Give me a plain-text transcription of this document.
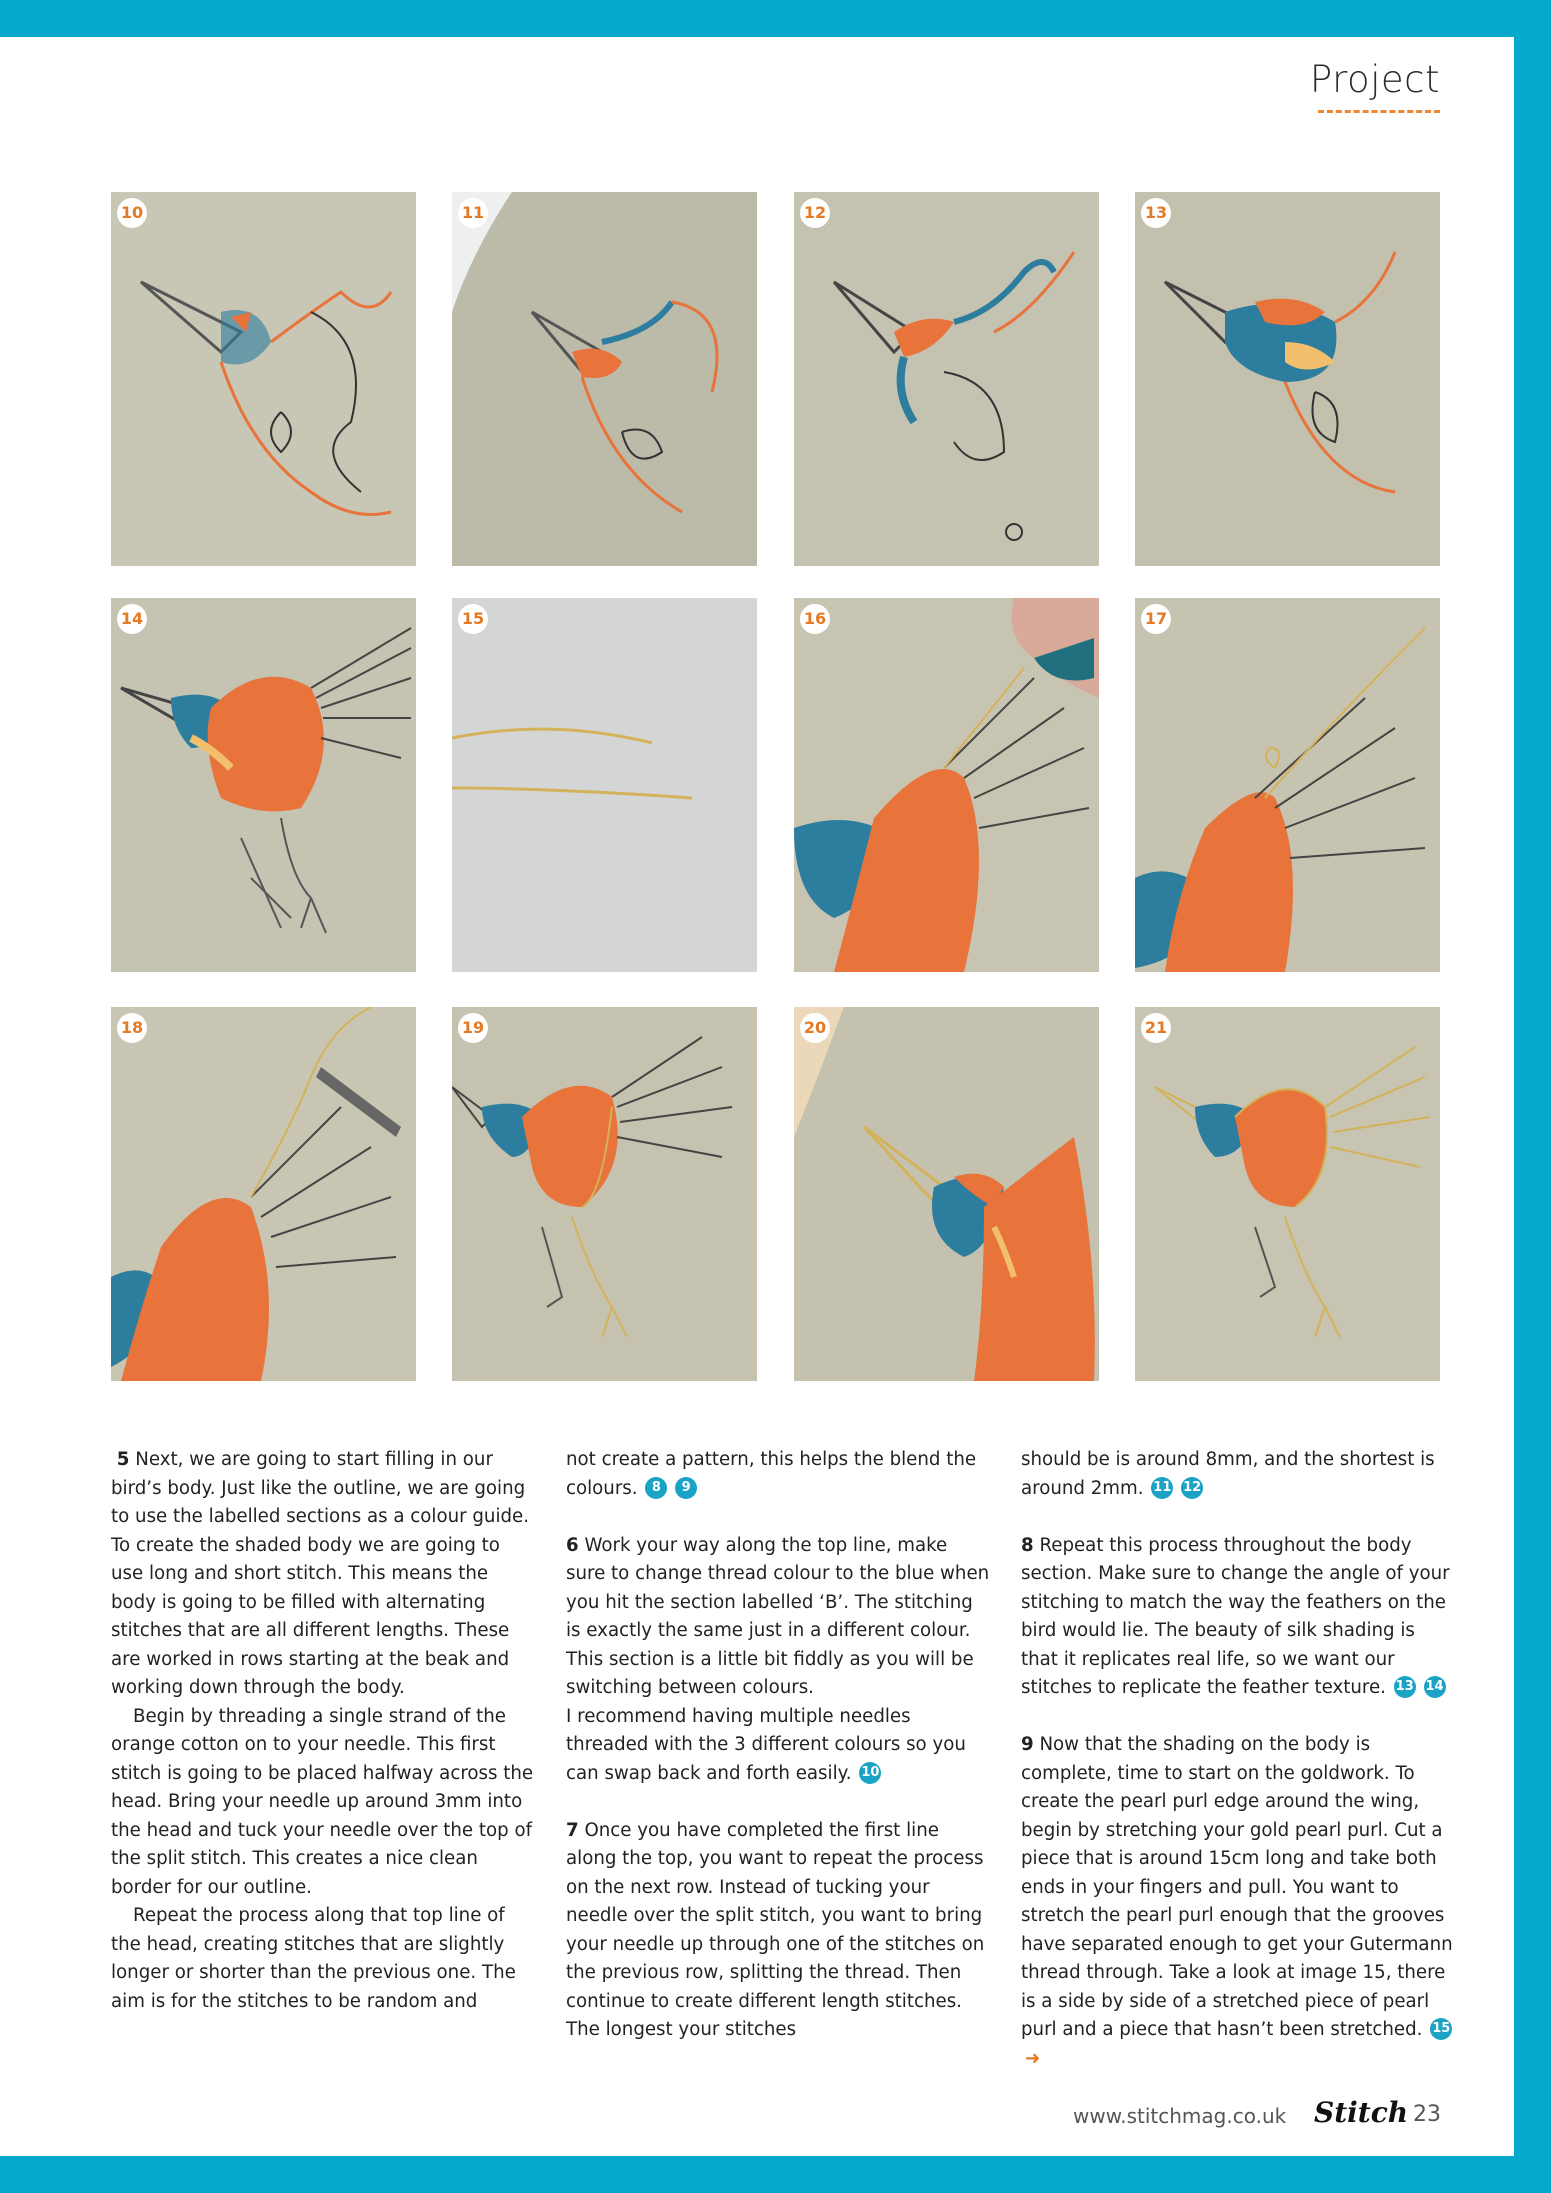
Project
10	11	12	13
14	15	16	17
18	19	20	21

5 Next, we are going to start filling in our bird’s body. Just like the outline, we are going to use the labelled sections as a colour guide. To create the shaded body we are going to use long and short stitch. This means the body is going to be filled with alternating stitches that are all different lengths. These are worked in rows starting at the beak and working down through the body.

Begin by threading a single strand of the orange cotton on to your needle. This first stitch is going to be placed halfway across the head. Bring your needle up around 3mm into the head and tuck your needle over the top of the split stitch. This creates a nice clean border for our outline.

Repeat the process along that top line of the head, creating stitches that are slightly longer or shorter than the previous one. The aim is for the stitches to be random and

not create a pattern, this helps the blend the colours. 8 9

6 Work your way along the top line, make sure to change thread colour to the blue when you hit the section labelled ‘B’. The stitching is exactly the same just in a different colour. This section is a little bit fiddly as you will be switching between colours.

I recommend having multiple needles threaded with the 3 different colours so you can swap back and forth easily. 10

7 Once you have completed the first line along the top, you want to repeat the process on the next row. Instead of tucking your needle over the split stitch, you want to bring your needle up through one of the stitches on the previous row, splitting the thread. Then continue to create different length stitches. The longest your stitches

should be is around 8mm, and the shortest is around 2mm. 11 12

8 Repeat this process throughout the body section. Make sure to change the angle of your stitching to match the way the feathers on the bird would lie. The beauty of silk shading is that it replicates real life, so we want our stitches to replicate the feather texture. 13 14

9 Now that the shading on the body is complete, time to start on the goldwork. To create the pearl purl edge around the wing, begin by stretching your gold pearl purl. Cut a piece that is around 15cm long and take both ends in your fingers and pull. You want to stretch the pearl purl enough that the grooves have separated enough to get your Gutermann thread through. Take a look at image 15, there is a side by side of a stretched piece of pearl purl and a piece that hasn’t been stretched. 15➜

www.stitchmag.co.uk Stitch 23
